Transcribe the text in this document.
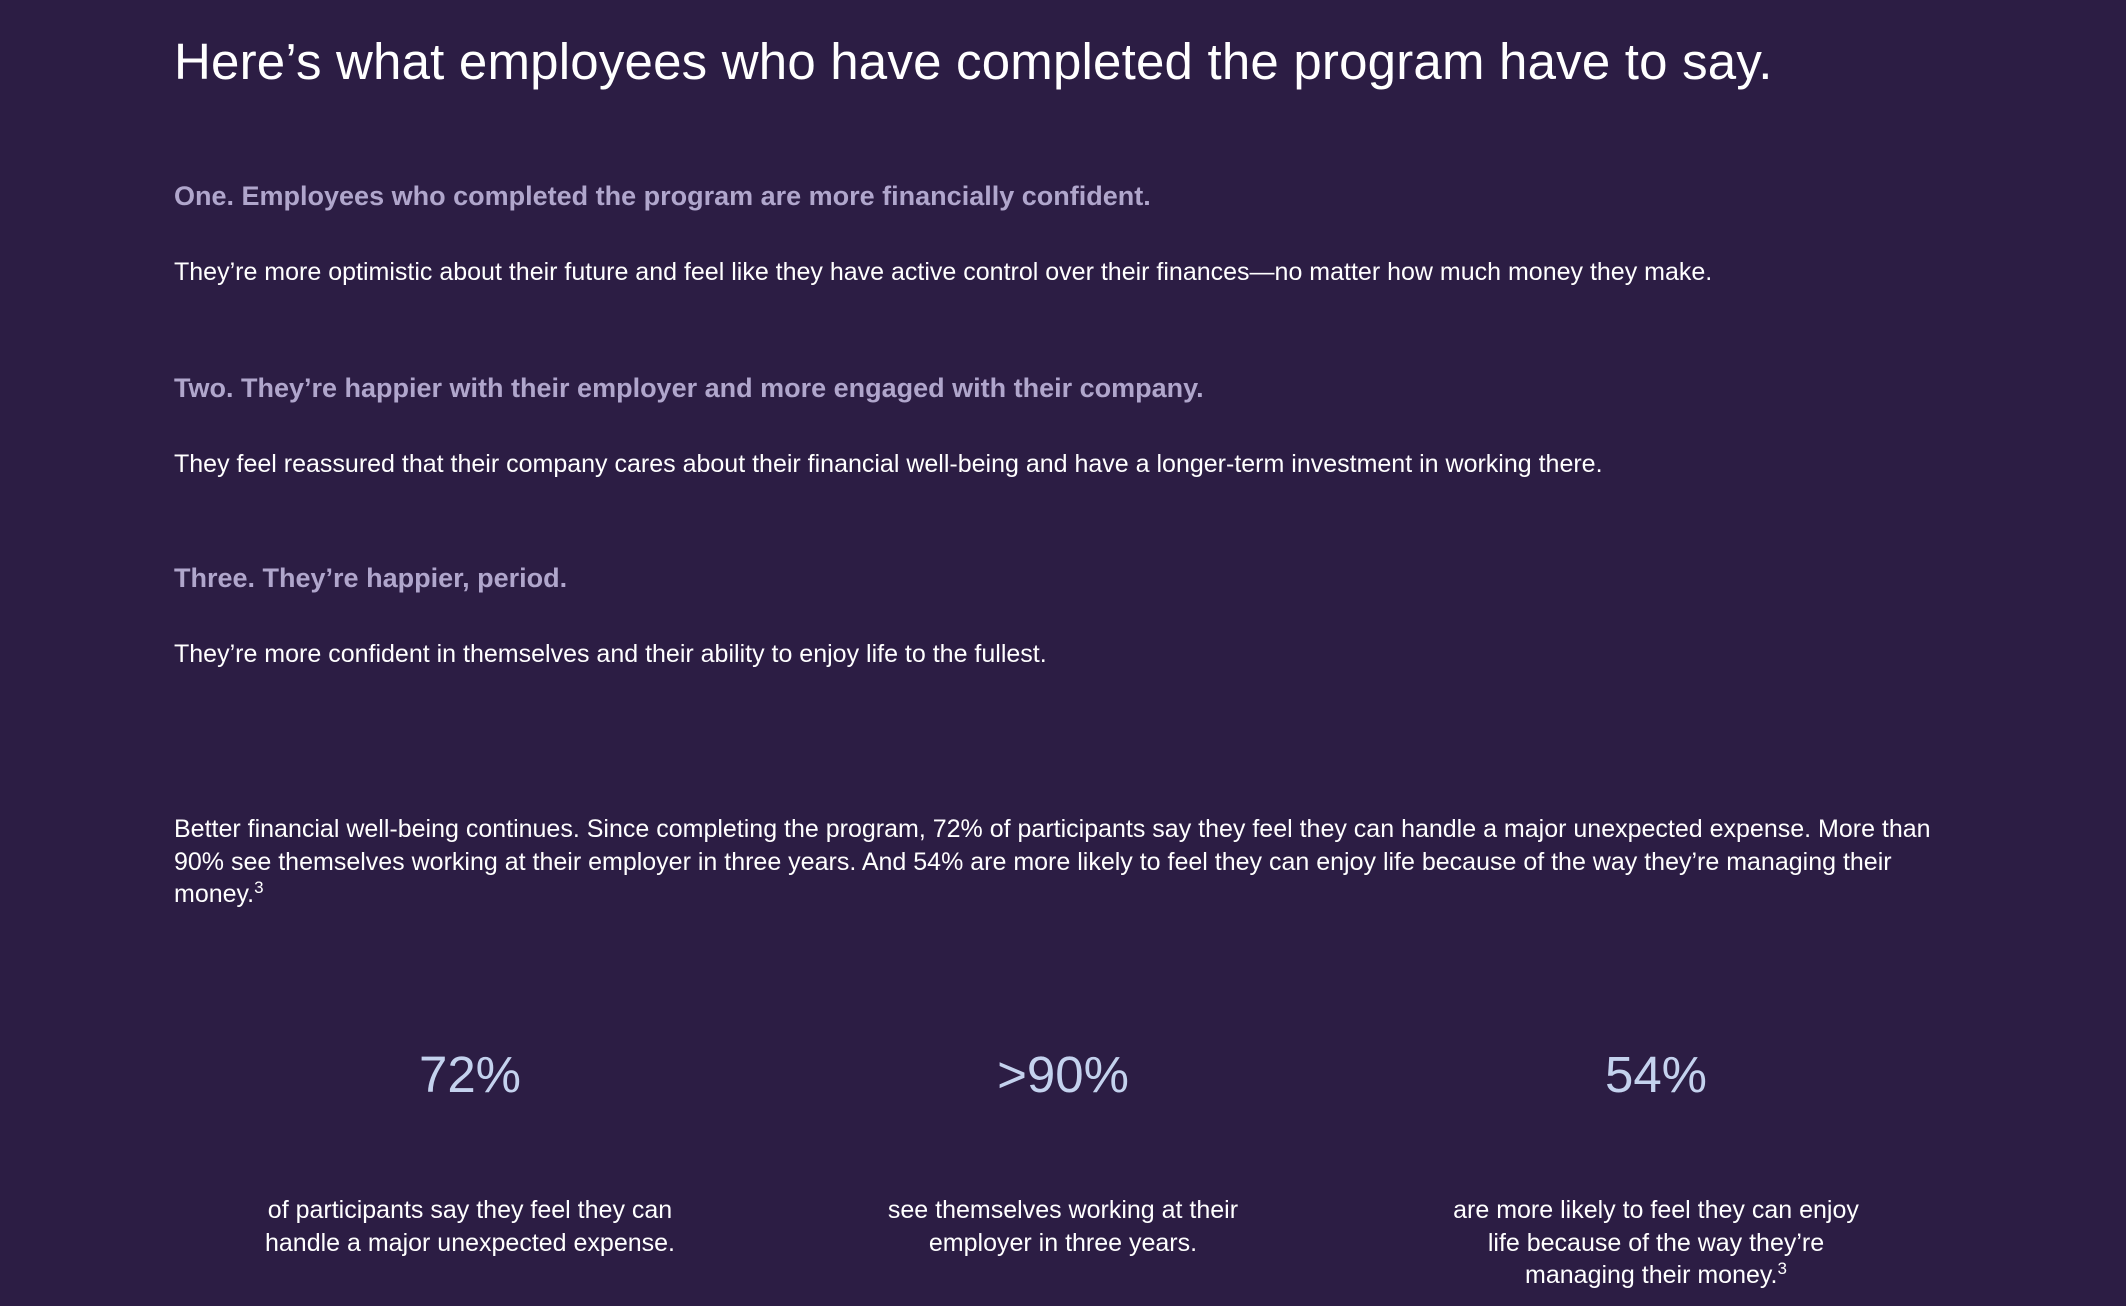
Here’s what employees who have completed the program have to say.
One. Employees who completed the program are more financially confident.

They’re more optimistic about their future and feel like they have active control over their finances—no matter how much money they make.

Two. They’re happier with their employer and more engaged with their company.

They feel reassured that their company cares about their financial well-being and have a longer-term investment in working there.

Three. They’re happier, period.

They’re more confident in themselves and their ability to enjoy life to the fullest.

Better financial well-being continues. Since completing the program, 72% of participants say they feel they can handle a major unexpected expense. More than 90% see themselves working at their employer in three years. And 54% are more likely to feel they can enjoy life because of the way they’re managing their money.$^3$

72%
of participants say they feel they can handle a major unexpected expense.
>90%
see themselves working at their employer in three years.
54%
are more likely to feel they can enjoy life because of the way they’re managing their money.$^3$
